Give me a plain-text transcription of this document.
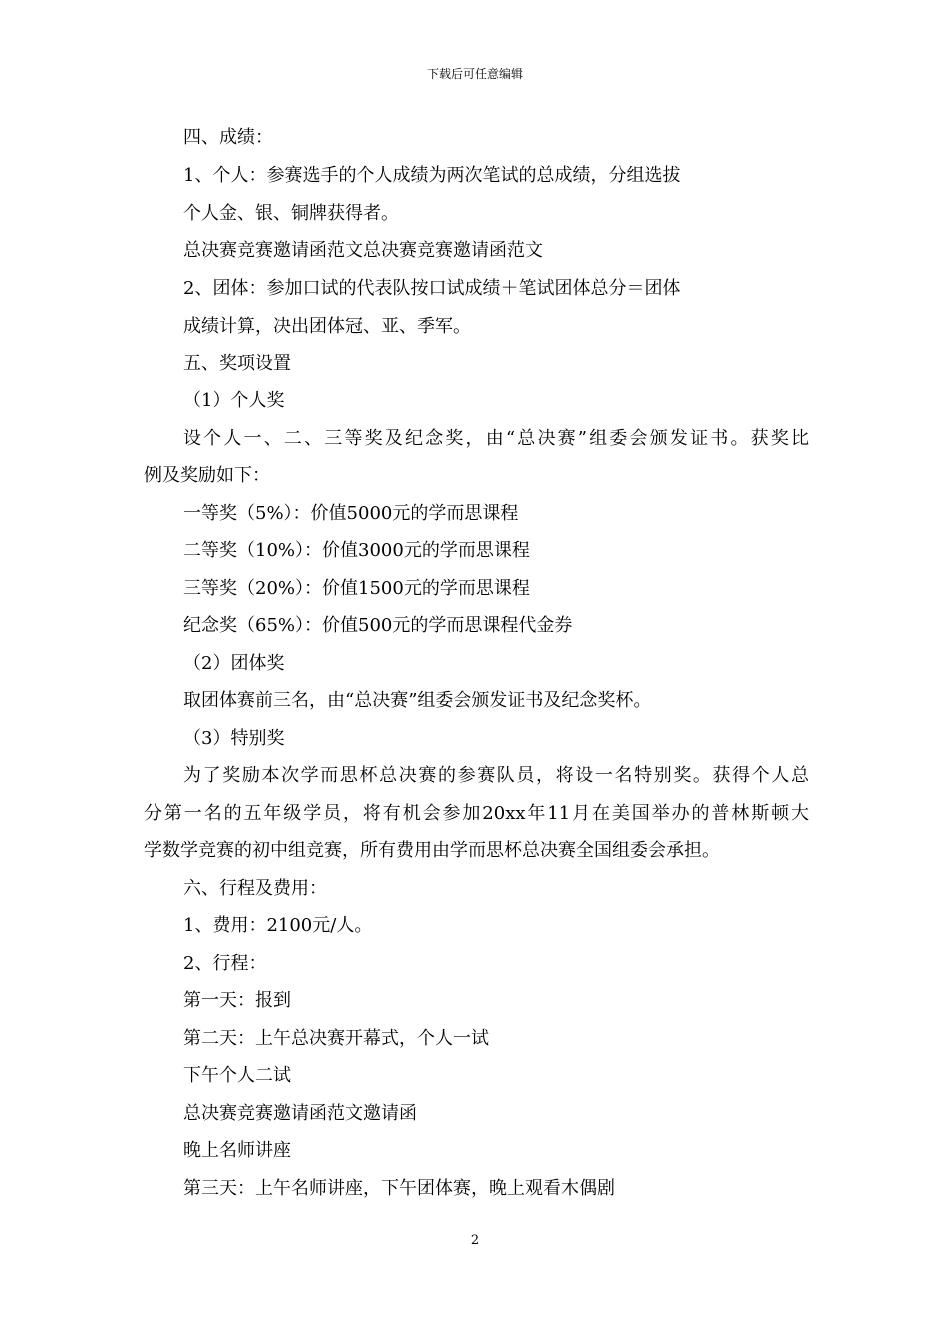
下载后可任意编辑
四、成绩：
1、个人：参赛选手的个人成绩为两次笔试的总成绩，分组选拔
个人金、银、铜牌获得者。
总决赛竞赛邀请函范文总决赛竞赛邀请函范文
2、团体：参加口试的代表队按口试成绩＋笔试团体总分＝团体
成绩计算，决出团体冠、亚、季军。
五、奖项设置
（1）个人奖
设个人一、二、三等奖及纪念奖，由“总决赛”组委会颁发证书。获奖比
例及奖励如下：
一等奖（5%）：价值5000元的学而思课程
二等奖（10%）：价值3000元的学而思课程
三等奖（20%）：价值1500元的学而思课程
纪念奖（65%）：价值500元的学而思课程代金券
（2）团体奖
取团体赛前三名，由“总决赛”组委会颁发证书及纪念奖杯。
（3）特别奖
为了奖励本次学而思杯总决赛的参赛队员，将设一名特别奖。获得个人总
分第一名的五年级学员，将有机会参加20xx年11月在美国举办的普林斯顿大
学数学竞赛的初中组竞赛，所有费用由学而思杯总决赛全国组委会承担。
六、行程及费用：
1、费用：2100元/人。
2、行程：
第一天：报到
第二天：上午总决赛开幕式，个人一试
下午个人二试
总决赛竞赛邀请函范文邀请函
晚上名师讲座
第三天：上午名师讲座，下午团体赛，晚上观看木偶剧
2
